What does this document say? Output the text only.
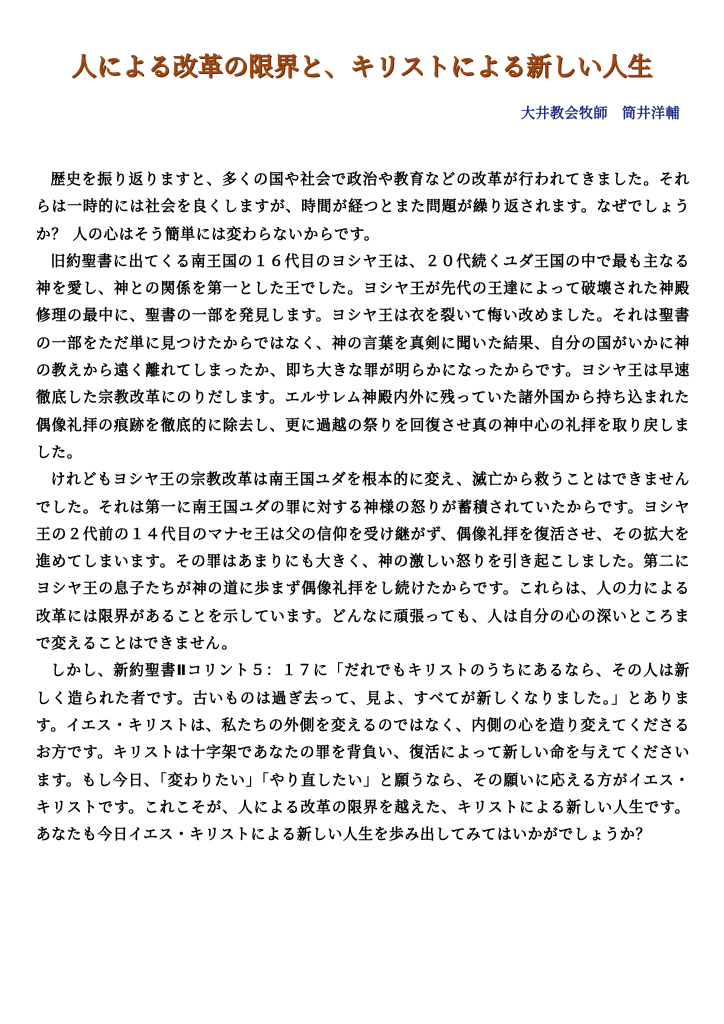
人による改革の限界と、キリストによる新しい人生
大井教会牧師 筒井洋輔

歴史を振り返りますと、多くの国や社会で政治や教育などの改革が行われてきました。それらは一時的には社会を良くしますが、時間が経つとまた問題が繰り返されます。なぜでしょうか？ 人の心はそう簡単には変わらないからです。

旧約聖書に出てくる南王国の１６代目のヨシヤ王は、２０代続くユダ王国の中で最も主なる神を愛し、神との関係を第一とした王でした。ヨシヤ王が先代の王達によって破壊された神殿修理の最中に、聖書の一部を発見します。ヨシヤ王は衣を裂いて悔い改めました。それは聖書の一部をただ単に見つけたからではなく、神の言葉を真剣に聞いた結果、自分の国がいかに神の教えから遠く離れてしまったか、即ち大きな罪が明らかになったからです。ヨシヤ王は早速徹底した宗教改革にのりだします。エルサレム神殿内外に残っていた諸外国から持ち込まれた偶像礼拝の痕跡を徹底的に除去し、更に過越の祭りを回復させ真の神中心の礼拝を取り戻しました。

けれどもヨシヤ王の宗教改革は南王国ユダを根本的に変え、滅亡から救うことはできませんでした。それは第一に南王国ユダの罪に対する神様の怒りが蓄積されていたからです。ヨシヤ王の２代前の１４代目のマナセ王は父の信仰を受け継がず、偶像礼拝を復活させ、その拡大を進めてしまいます。その罪はあまりにも大きく、神の激しい怒りを引き起こしました。第二にヨシヤ王の息子たちが神の道に歩まず偶像礼拝をし続けたからです。これらは、人の力による改革には限界があることを示しています。どんなに頑張っても、人は自分の心の深いところまで変えることはできません。

しかし、新約聖書Ⅱコリント５：１７に「だれでもキリストのうちにあるなら、その人は新しく造られた者です。古いものは過ぎ去って、見よ、すべてが新しくなりました。」とあります。イエス・キリストは、私たちの外側を変えるのではなく、内側の心を造り変えてくださるお方です。キリストは十字架であなたの罪を背負い、復活によって新しい命を与えてくださいます。もし今日、「変わりたい」「やり直したい」と願うなら、その願いに応える方がイエス・キリストです。これこそが、人による改革の限界を越えた、キリストによる新しい人生です。あなたも今日イエス・キリストによる新しい人生を歩み出してみてはいかがでしょうか？
